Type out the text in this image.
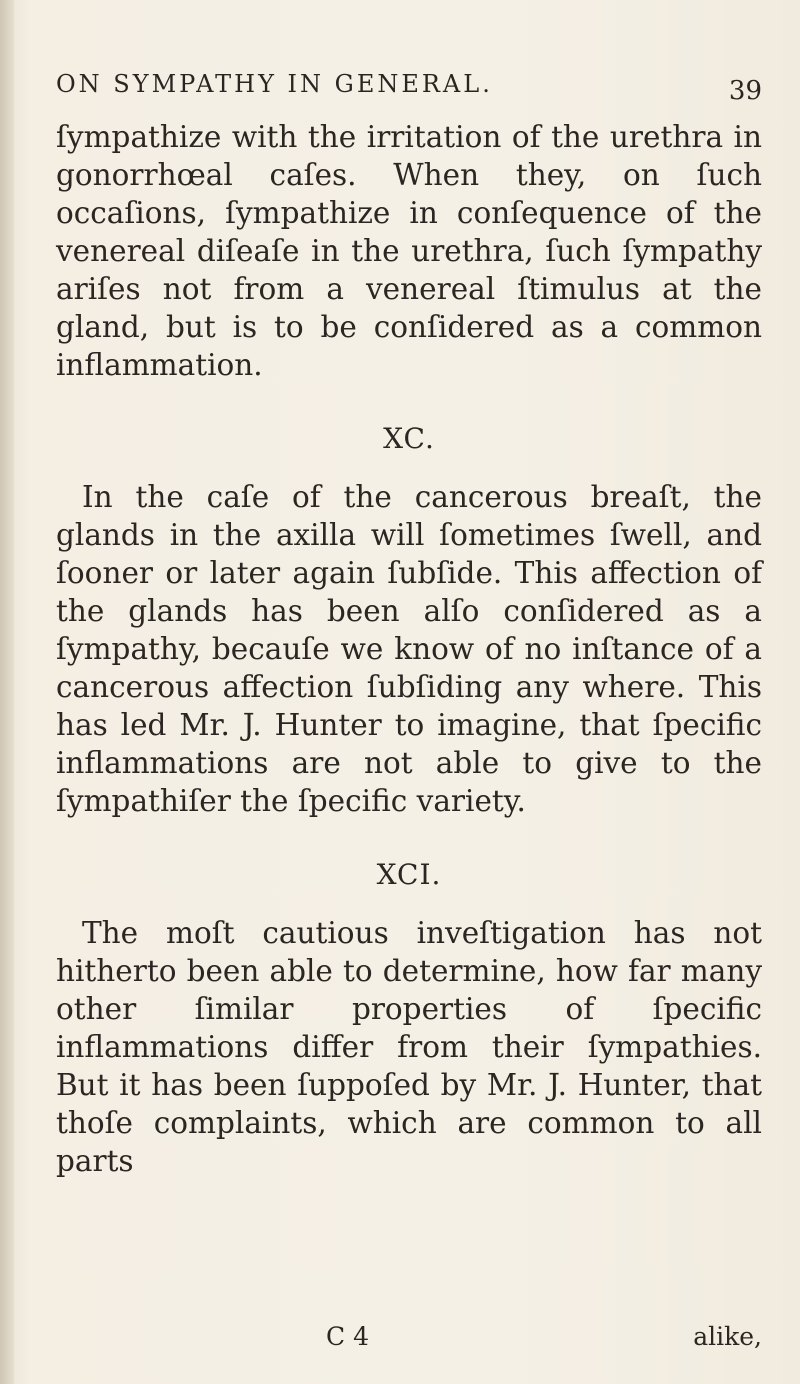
ON SYMPATHY IN GENERAL.	39

ſympathize with the irritation of the urethra in gonorrhœal caſes. When they, on ſuch occaſions, ſympathize in conſequence of the venereal diſeaſe in the urethra, ſuch ſympathy ariſes not from a venereal ſtimulus at the gland, but is to be conſidered as a common inflammation.

XC.

In the caſe of the cancerous breaſt, the glands in the axilla will ſometimes ſwell, and ſooner or later again ſubſide. This affection of the glands has been alſo conſidered as a ſympathy, becauſe we know of no inſtance of a cancerous affection ſubſiding any where. This has led Mr. J. Hunter to imagine, that ſpecific inflammations are not able to give to the ſympathiſer the ſpecific variety.

XCI.

The moſt cautious inveſtigation has not hitherto been able to determine, how far many other ſimilar properties of ſpecific inflammations differ from their ſympathies. But it has been ſuppoſed by Mr. J. Hunter, that thoſe complaints, which are common to all parts

C 4	alike,
